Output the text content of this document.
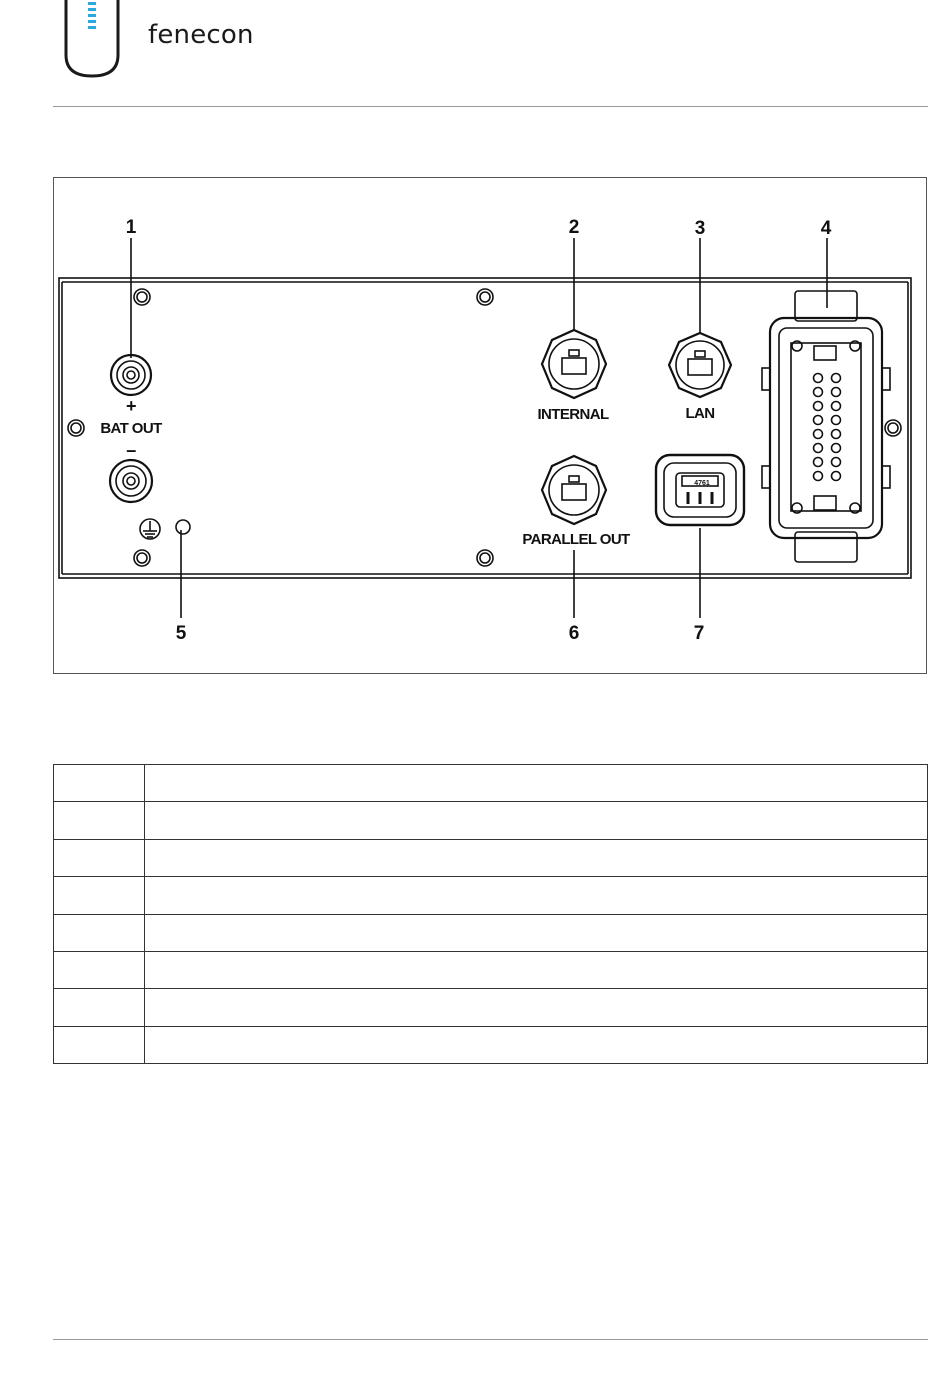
fenecon
+
BAT OUT
–
INTERNAL	LAN
PARALLEL OUT
4761
1	2	3	4
5	6	7
